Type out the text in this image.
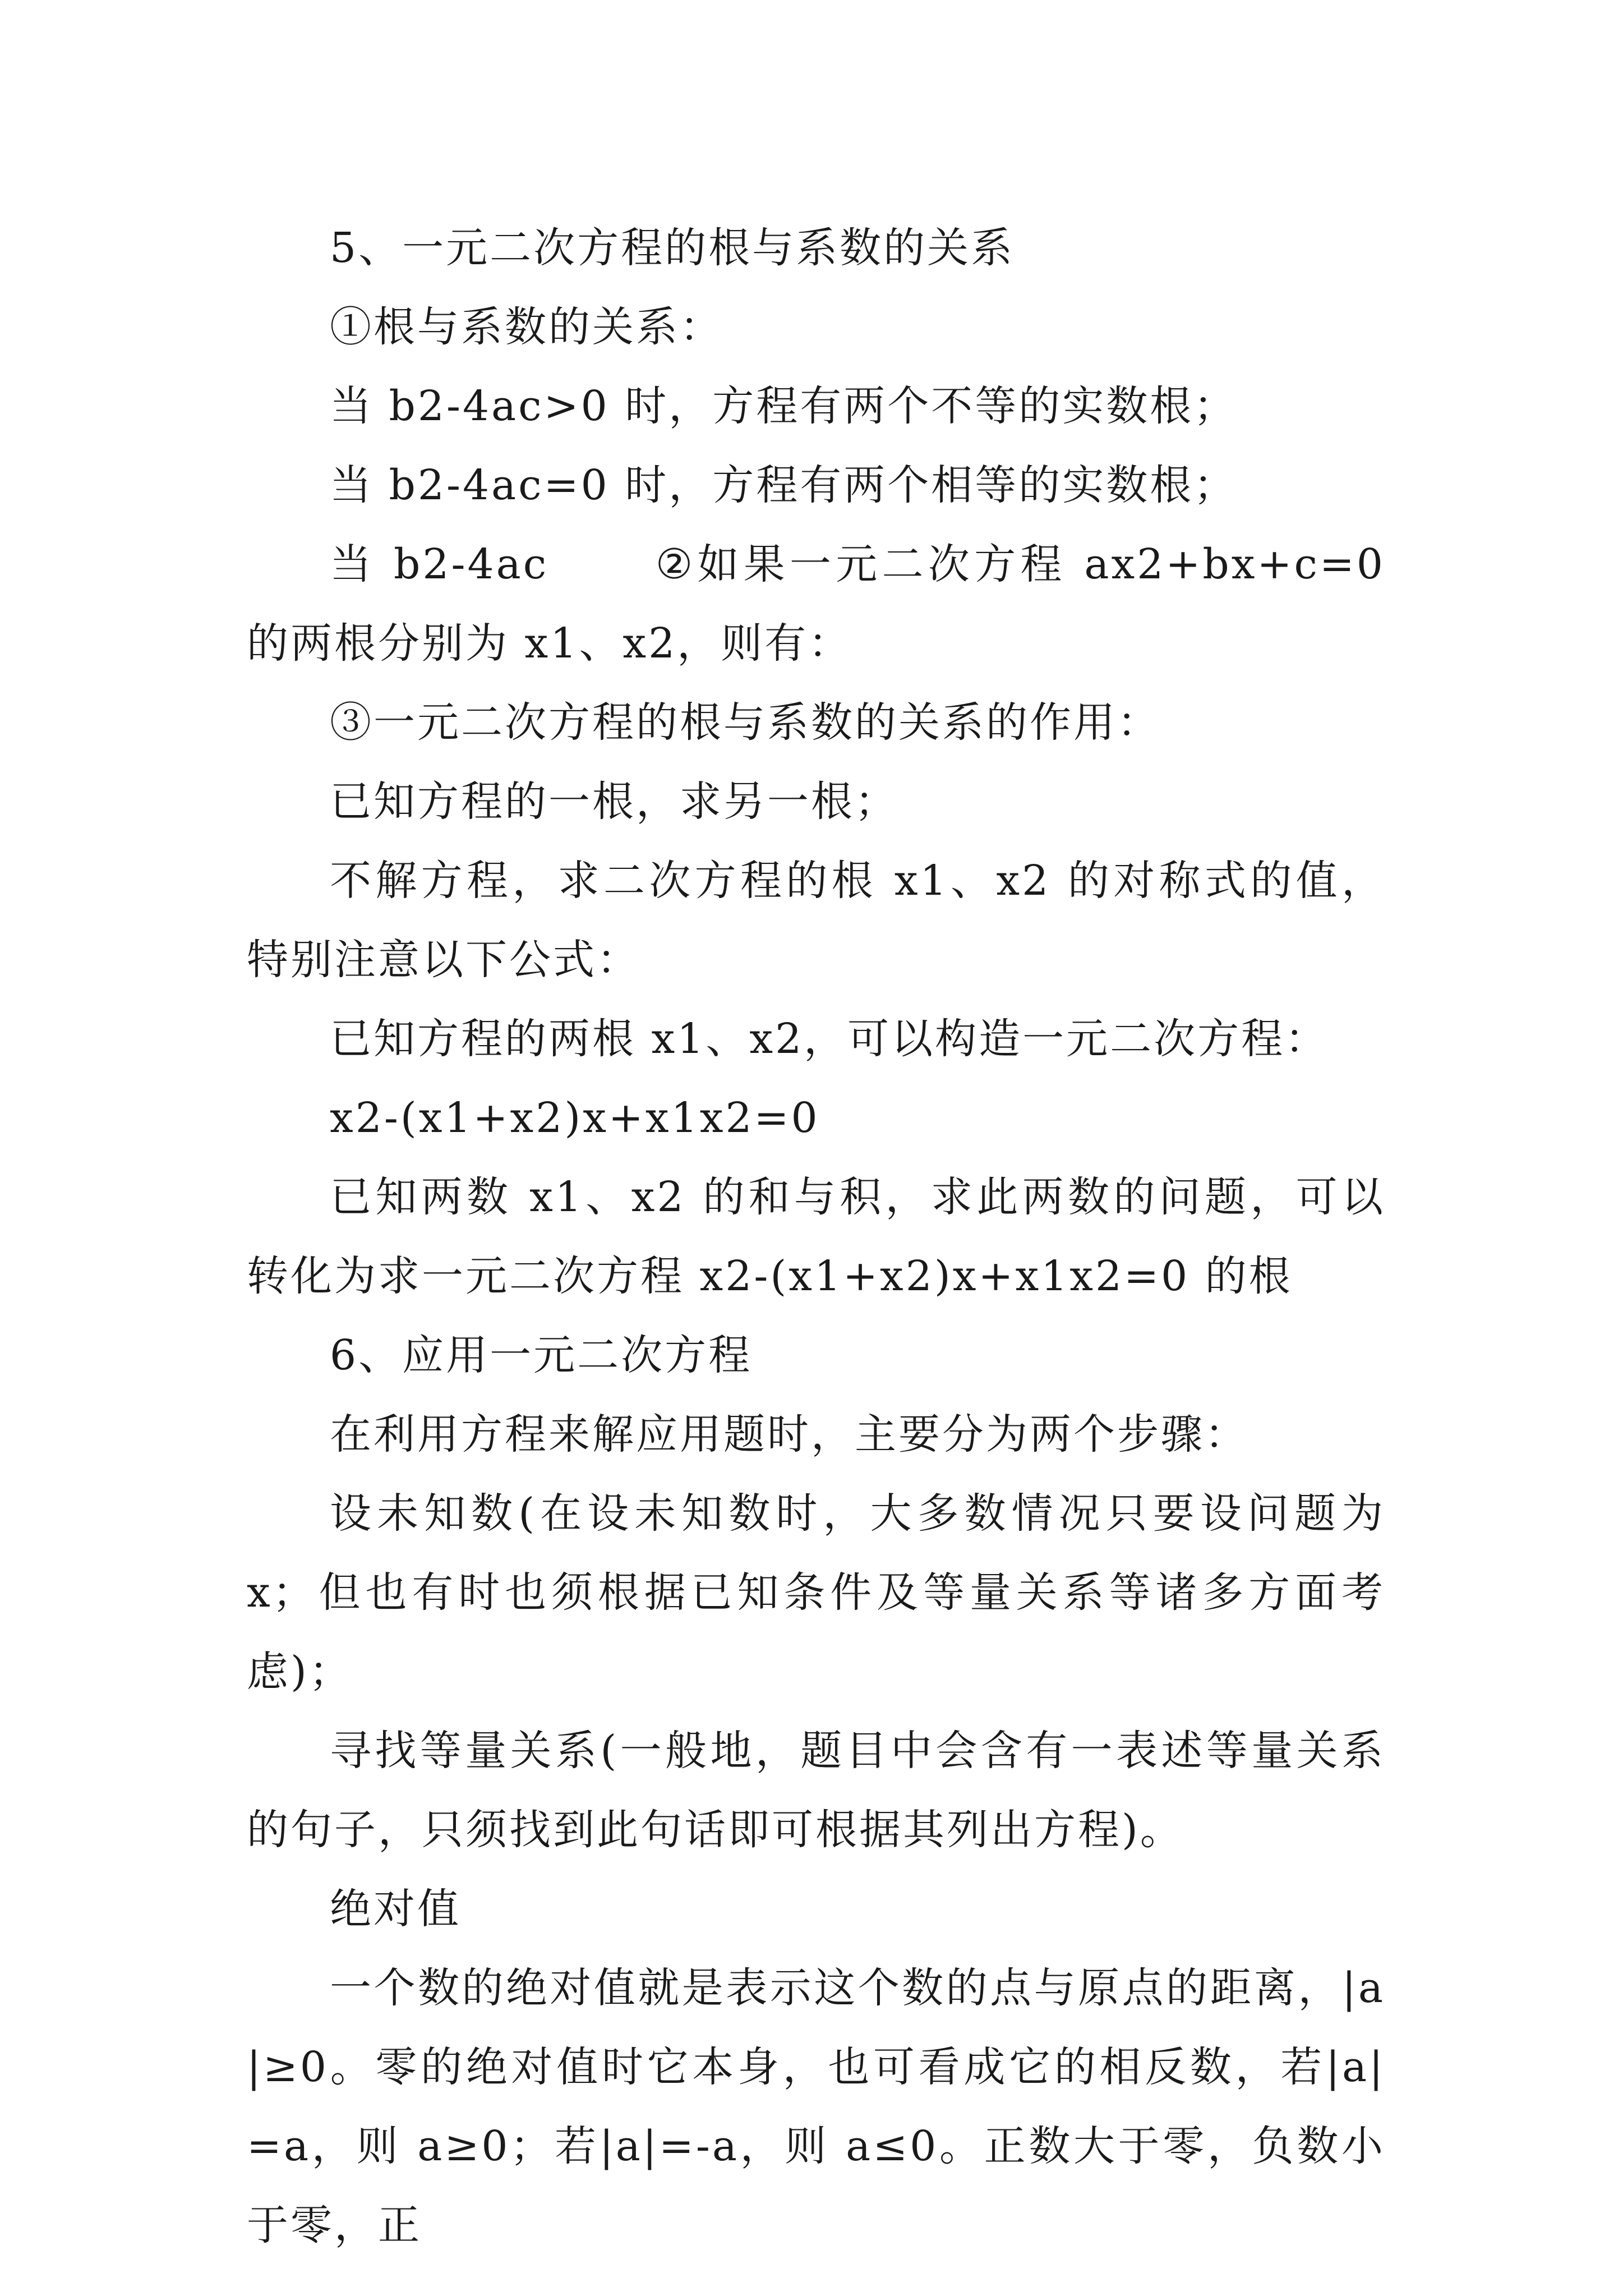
5、一元二次方程的根与系数的关系

①根与系数的关系：

当 b2-4ac>0 时，方程有两个不等的实数根；

当 b2-4ac=0 时，方程有两个相等的实数根；

当 b2-4ac      ②如果一元二次方程 ax2+bx+c=0 的两根分别为 x1、x2，则有：

③一元二次方程的根与系数的关系的作用：

已知方程的一根，求另一根；

不解方程，求二次方程的根 x1、x2 的对称式的值，特别注意以下公式：

已知方程的两根 x1、x2，可以构造一元二次方程：

x2-(x1+x2)x+x1x2=0

已知两数 x1、x2 的和与积，求此两数的问题，可以转化为求一元二次方程 x2-(x1+x2)x+x1x2=0 的根

6、应用一元二次方程

在利用方程来解应用题时，主要分为两个步骤：

设未知数(在设未知数时，大多数情况只要设问题为 x；但也有时也须根据已知条件及等量关系等诸多方面考虑)；

寻找等量关系(一般地，题目中会含有一表述等量关系的句子，只须找到此句话即可根据其列出方程)。

绝对值

一个数的绝对值就是表示这个数的点与原点的距离，|a|≥0。零的绝对值时它本身，也可看成它的相反数，若|a|=a，则 a≥0；若|a|=-a，则 a≤0。正数大于零，负数小于零，正
